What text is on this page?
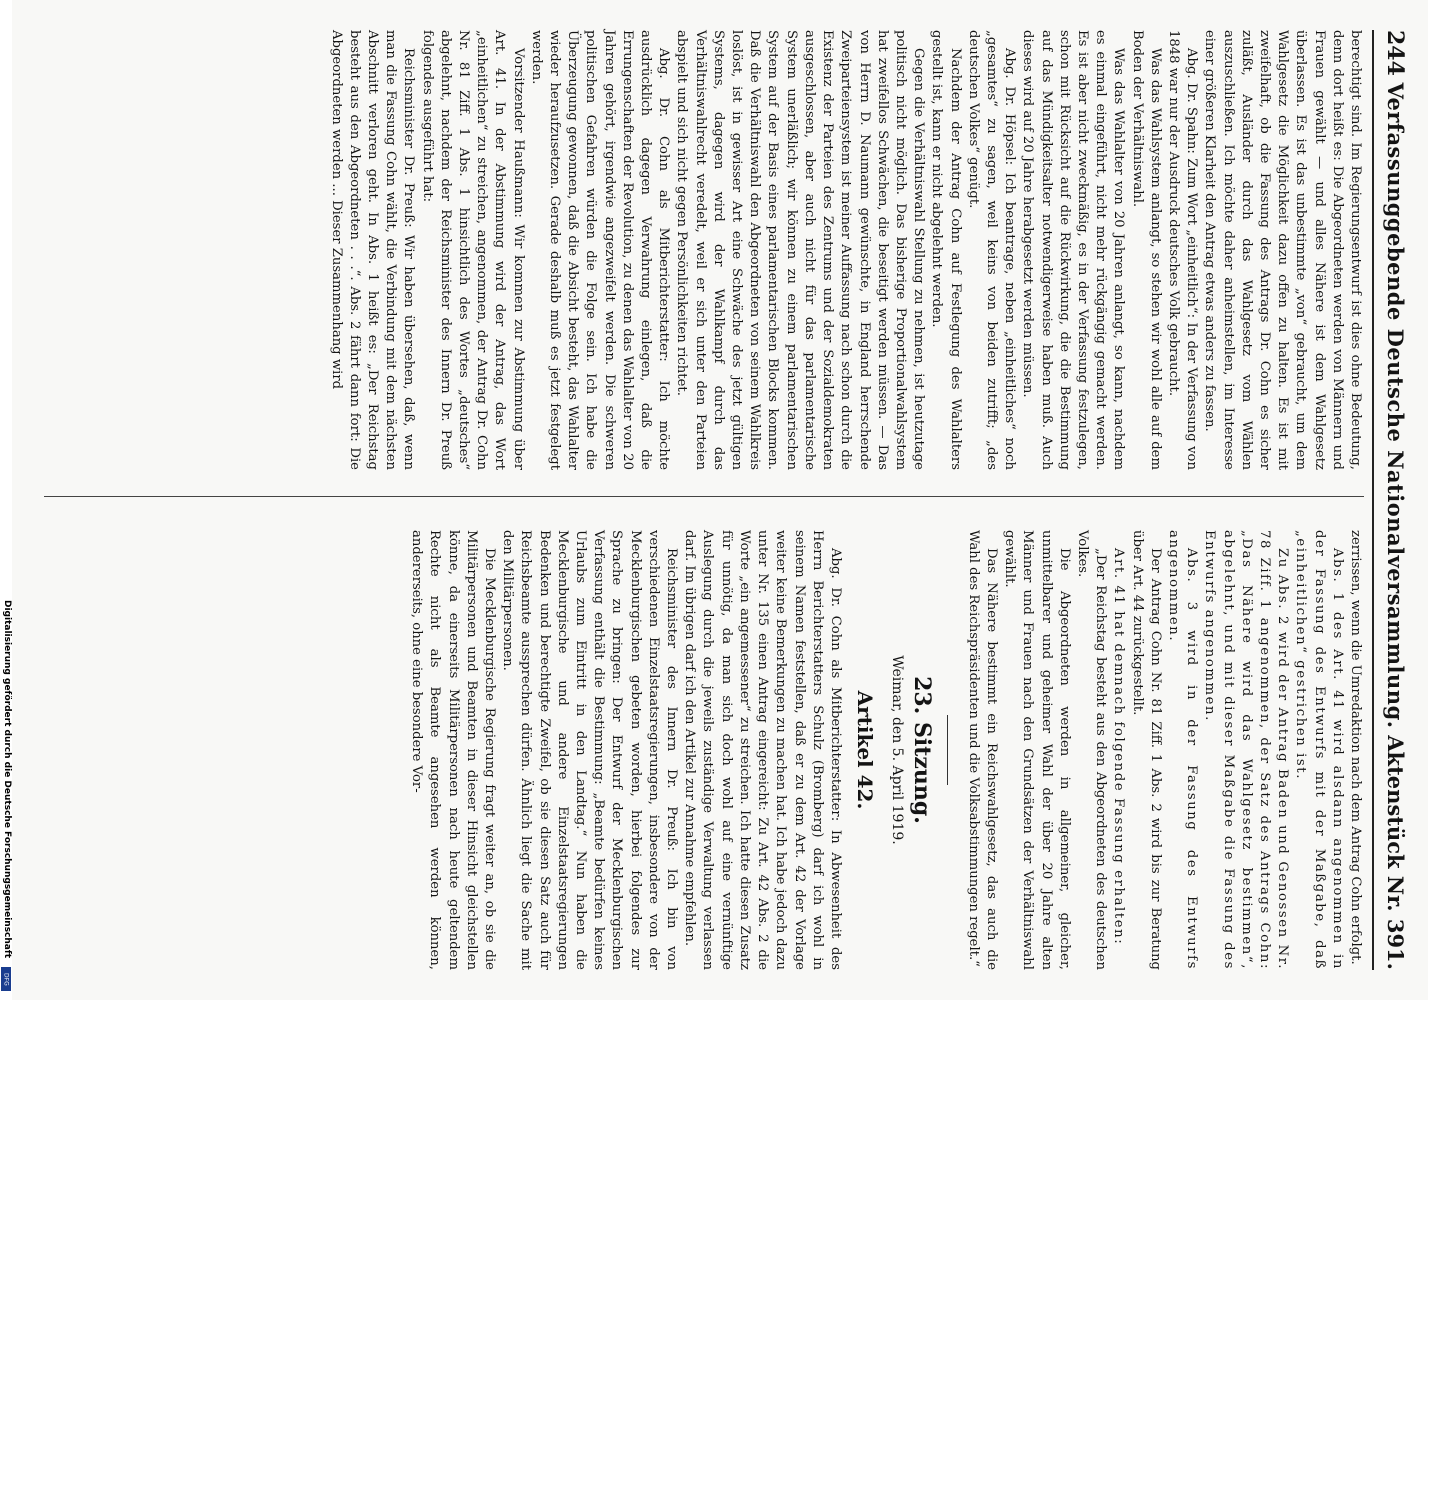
Digitalisierung gefördert durch die Deutsche Forschungsgemeinschaft
DFG
244
Verfassunggebende Deutsche Nationalversammlung.
Aktenstück Nr. 391.

berechtigt sind. Im Regierungsentwurf ist dies ohne Bedeutung, denn dort heißt es: Die Abgeordneten werden von Männern und Frauen gewählt — und alles Nähere ist dem Wahlgesetz überlassen. Es ist das unbestimmte „von“ gebraucht, um dem Wahlgesetz die Möglichkeit dazu offen zu halten. Es ist mit zweifelhaft, ob die Fassung des Antrags Dr. Cohn es sicher zuläßt, Ausländer durch das Wahlgesetz vom Wählen auszuschließen. Ich möchte daher anheimstellen, im Interesse einer größeren Klarheit den Antrag etwas anders zu fassen.

Abg. Dr. Spahn: Zum Wort „einheitlich“: In der Verfassung von 1848 war nur der Ausdruck deutsches Volk gebraucht.

Was das Wahlsystem anlangt, so stehen wir wohl alle auf dem Boden der Verhältniswahl.

Was das Wahlalter von 20 Jahren anlangt, so kann, nachdem es einmal eingeführt, nicht mehr rückgängig gemacht werden. Es ist aber nicht zweckmäßig, es in der Verfassung festzulegen, schon mit Rücksicht auf die Rückwirkung, die die Bestimmung auf das Mündigkeitsalter notwendigerweise haben muß. Auch dieses wird auf 20 Jahre herabgesetzt werden müssen.

Abg. Dr. Höpsel: Ich beantrage, neben „einheitliches“ noch „gesamtes“ zu sagen, weil keins von beiden zutrifft; „des deutschen Volkes“ genügt.

Nachdem der Antrag Cohn auf Festlegung des Wahlalters gestellt ist, kann er nicht abgelehnt werden.

Gegen die Verhältniswahl Stellung zu nehmen, ist heutzutage politisch nicht möglich. Das bisherige Proportionalwahlsystem hat zweifellos Schwächen, die beseitigt werden müssen. — Das von Herrn D. Naumann gewünschte, in England herrschende Zweiparteiensystem ist meiner Auffassung nach schon durch die Existenz der Parteien des Zentrums und der Sozialdemokraten ausgeschlossen, aber auch nicht für das parlamentarische System unerläßlich; wir können zu einem parlamentarischen System auf der Basis eines parlamentarischen Blocks kommen. Daß die Verhältniswahl den Abgeordneten von seinem Wahlkreis loslöst, ist in gewisser Art eine Schwäche des jetzt gültigen Systems, dagegen wird der Wahlkampf durch das Verhältniswahlrecht veredelt, weil er sich unter den Parteien abspielt und sich nicht gegen Persönlichkeiten richtet.

Abg. Dr. Cohn als Mitberichterstatter: Ich möchte ausdrücklich dagegen Verwahrung einlegen, daß die Errungenschaften der Revolution, zu denen das Wahlalter von 20 Jahren gehört, irgendwie angezweifelt werden. Die schweren politischen Gefahren würden die Folge sein. Ich habe die Überzeugung gewonnen, daß die Absicht besteht, das Wahlalter wieder heraufzusetzen. Gerade deshalb muß es jetzt festgelegt werden.

Vorsitzender Haußmann: Wir kommen zur Abstimmung über Art. 41. In der Abstimmung wird der Antrag, das Wort „einheitlichen“ zu streichen, angenommen, der Antrag Dr. Cohn Nr. 81 Ziff. 1 Abs. 1 hinsichtlich des Wortes „deutsches“ abgelehnt, nachdem der Reichsminister des Innern Dr. Preuß folgendes ausgeführt hat:

Reichsminister Dr. Preuß: Wir haben übersehen, daß, wenn man die Fassung Cohn wählt, die Verbindung mit dem nächsten Abschnitt verloren geht. In Abs. 1 heißt es: „Der Reichstag besteht aus den Abgeordneten . . .“. Abs. 2 fährt dann fort: Die Abgeordneten werden ... Dieser Zusammenhang wird

zerrissen, wenn die Umredaktion nach dem Antrag Cohn erfolgt.

Abs. 1 des Art. 41 wird alsdann angenommen in der Fassung des Entwurfs mit der Maßgabe, daß „einheitlichen“ gestrichen ist.

Zu Abs. 2 wird der Antrag Baden und Genossen Nr. 78 Ziff. 1 angenommen, der Satz des Antrags Cohn: „Das Nähere wird das Wahlgesetz bestimmen“, abgelehnt, und mit dieser Maßgabe die Fassung des Entwurfs angenommen.

Abs. 3 wird in der Fassung des Entwurfs angenommen.

Der Antrag Cohn Nr. 81 Ziff. 1 Abs. 2 wird bis zur Beratung über Art. 44 zurückgestellt.

Art. 41 hat demnach folgende Fassung erhalten:

„Der Reichstag besteht aus den Abgeordneten des deutschen Volkes.

Die Abgeordneten werden in allgemeiner, gleicher, unmittelbarer und geheimer Wahl der über 20 Jahre alten Männer und Frauen nach den Grundsätzen der Verhältniswahl gewählt.

Das Nähere bestimmt ein Reichswahlgesetz, das auch die Wahl des Reichspräsidenten und die Volksabstimmungen regelt.“

23. Sitzung.
Weimar, den 5. April 1919.
Artikel 42.

Abg. Dr. Cohn als Mitberichterstatter: In Abwesenheit des Herrn Berichterstatters Schulz (Bromberg) darf ich wohl in seinem Namen feststellen, daß er zu dem Art. 42 der Vorlage weiter keine Bemerkungen zu machen hat. Ich habe jedoch dazu unter Nr. 135 einen Antrag eingereicht: Zu Art. 42 Abs. 2 die Worte „ein angemessener“ zu streichen. Ich hatte diesen Zusatz für unnötig, da man sich doch wohl auf eine vernünftige Auslegung durch die jeweils zuständige Verwaltung verlassen darf. Im übrigen darf ich den Artikel zur Annahme empfehlen.

Reichsminister des Innern Dr. Preuß: Ich bin von verschiedenen Einzelstaatsregierungen, insbesondere von der Mecklenburgischen gebeten worden, hierbei folgendes zur Sprache zu bringen: Der Entwurf der Mecklenburgischen Verfassung enthält die Bestimmung: „Beamte bedürfen keines Urlaubs zum Eintritt in den Landtag.“ Nun haben die Mecklenburgische und andere Einzelstaatsregierungen Bedenken und berechtigte Zweifel, ob sie diesen Satz auch für Reichsbeamte aussprechen dürfen. Ähnlich liegt die Sache mit den Militärpersonen.

Die Mecklenburgische Regierung fragt weiter an, ob sie die Militärpersonen und Beamten in dieser Hinsicht gleichstellen könne, da einerseits Militärpersonen nach heute geltendem Rechte nicht als Beamte angesehen werden können, andererseits, ohne eine besondere Vor-
